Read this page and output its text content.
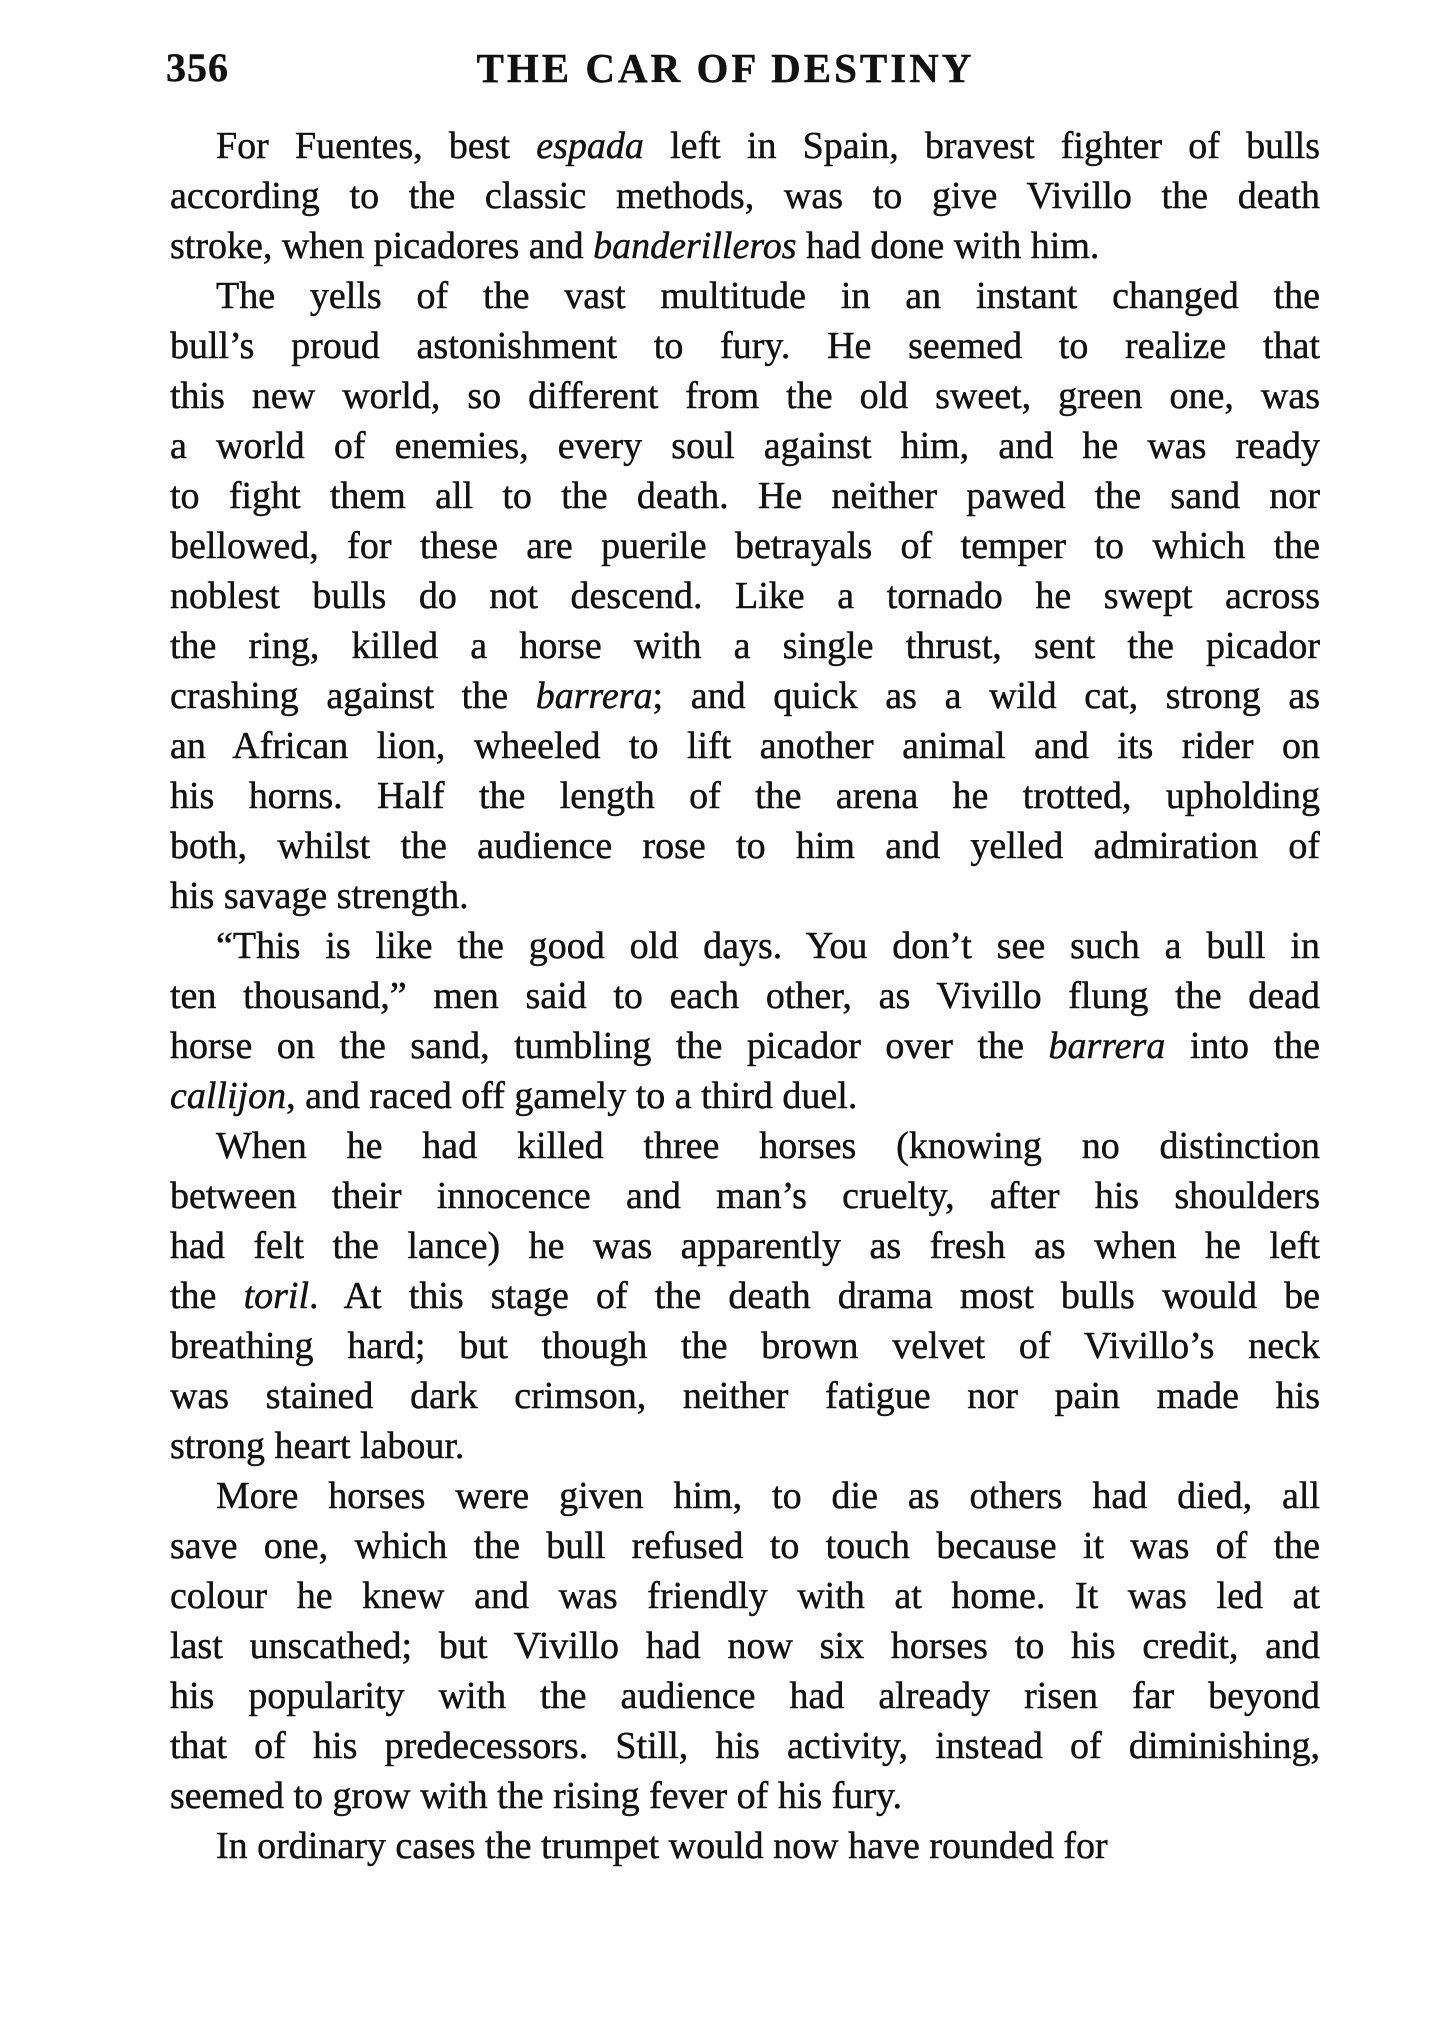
356	THE CAR OF DESTINY
For Fuentes, best espada left in Spain, bravest fighter of bulls
according to the classic methods, was to give Vivillo the death
stroke, when picadores and banderilleros had done with him.
The yells of the vast multitude in an instant changed the
bull’s proud astonishment to fury. He seemed to realize that
this new world, so different from the old sweet, green one, was
a world of enemies, every soul against him, and he was ready
to fight them all to the death. He neither pawed the sand nor
bellowed, for these are puerile betrayals of temper to which the
noblest bulls do not descend. Like a tornado he swept across
the ring, killed a horse with a single thrust, sent the picador
crashing against the barrera; and quick as a wild cat, strong as
an African lion, wheeled to lift another animal and its rider on
his horns. Half the length of the arena he trotted, upholding
both, whilst the audience rose to him and yelled admiration of
his savage strength.
“This is like the good old days. You don’t see such a bull in
ten thousand,” men said to each other, as Vivillo flung the dead
horse on the sand, tumbling the picador over the barrera into the
callijon, and raced off gamely to a third duel.
When he had killed three horses (knowing no distinction
between their innocence and man’s cruelty, after his shoulders
had felt the lance) he was apparently as fresh as when he left
the toril. At this stage of the death drama most bulls would be
breathing hard; but though the brown velvet of Vivillo’s neck
was stained dark crimson, neither fatigue nor pain made his
strong heart labour.
More horses were given him, to die as others had died, all
save one, which the bull refused to touch because it was of the
colour he knew and was friendly with at home. It was led at
last unscathed; but Vivillo had now six horses to his credit, and
his popularity with the audience had already risen far beyond
that of his predecessors. Still, his activity, instead of diminishing,
seemed to grow with the rising fever of his fury.
In ordinary cases the trumpet would now have rounded for
